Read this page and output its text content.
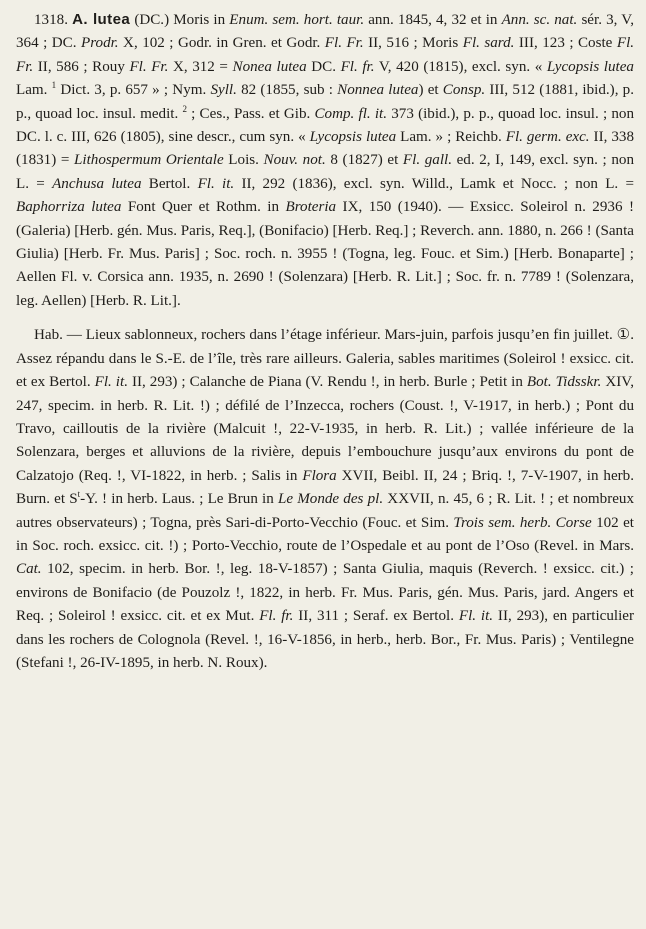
1318. A. lutea (DC.) Moris in Enum. sem. hort. taur. ann. 1845, 4, 32 et in Ann. sc. nat. sér. 3, V, 364 ; DC. Prodr. X, 102 ; Godr. in Gren. et Godr. Fl. Fr. II, 516 ; Moris Fl. sard. III, 123 ; Coste Fl. Fr. II, 586 ; Rouy Fl. Fr. X, 312 = Nonea lutea DC. Fl. fr. V, 420 (1815), excl. syn. « Lycopsis lutea Lam. $^1$ Dict. 3, p. 657 » ; Nym. Syll. 82 (1855, sub : Nonnea lutea) et Consp. III, 512 (1881, ibid.), p. p., quoad loc. insul. medit. $^2$ ; Ces., Pass. et Gib. Comp. fl. it. 373 (ibid.), p. p., quoad loc. insul. ; non DC. l. c. III, 626 (1805), sine descr., cum syn. « Lycopsis lutea Lam. » ; Reichb. Fl. germ. exc. II, 338 (1831) = Lithospermum Orientale Lois. Nouv. not. 8 (1827) et Fl. gall. ed. 2, I, 149, excl. syn. ; non L. = Anchusa lutea Bertol. Fl. it. II, 292 (1836), excl. syn. Willd., Lamk et Nocc. ; non L. = Baphorriza lutea Font Quer et Rothm. in Broteria IX, 150 (1940). — Exsicc. Soleirol n. 2936 ! (Galeria) [Herb. gén. Mus. Paris, Req.], (Bonifacio) [Herb. Req.] ; Reverch. ann. 1880, n. 266 ! (Santa Giulia) [Herb. Fr. Mus. Paris] ; Soc. roch. n. 3955 ! (Togna, leg. Fouc. et Sim.) [Herb. Bonaparte] ; Aellen Fl. v. Corsica ann. 1935, n. 2690 ! (Solenzara) [Herb. R. Lit.] ; Soc. fr. n. 7789 ! (Solenzara, leg. Aellen) [Herb. R. Lit.].

Hab. — Lieux sablonneux, rochers dans l’étage inférieur. Mars-juin, parfois jusqu’en fin juillet. ①. Assez répandu dans le S.-E. de l’île, très rare ailleurs. Galeria, sables maritimes (Soleirol ! exsicc. cit. et ex Bertol. Fl. it. II, 293) ; Calanche de Piana (V. Rendu !, in herb. Burle ; Petit in Bot. Tidsskr. XIV, 247, specim. in herb. R. Lit. !) ; défilé de l’Inzecca, rochers (Coust. !, V-1917, in herb.) ; Pont du Travo, cailloutis de la rivière (Malcuit !, 22-V-1935, in herb. R. Lit.) ; vallée inférieure de la Solenzara, berges et alluvions de la rivière, depuis l’embouchure jusqu’aux environs du pont de Calzatojo (Req. !, VI-1822, in herb. ; Salis in Flora XVII, Beibl. II, 24 ; Briq. !, 7-V-1907, in herb. Burn. et $S^t-Y$. ! in herb. Laus. ; Le Brun in Le Monde des pl. XXVII, n. 45, 6 ; R. Lit. ! ; et nombreux autres observateurs) ; Togna, près Sari-di-Porto-Vecchio (Fouc. et Sim. Trois sem. herb. Corse 102 et in Soc. roch. exsicc. cit. !) ; Porto-Vecchio, route de l’Ospedale et au pont de l’Oso (Revel. in Mars. Cat. 102, specim. in herb. Bor. !, leg. 18-V-1857) ; Santa Giulia, maquis (Reverch. ! exsicc. cit.) ; environs de Bonifacio (de Pouzolz !, 1822, in herb. Fr. Mus. Paris, gén. Mus. Paris, jard. Angers et Req. ; Soleirol ! exsicc. cit. et ex Mut. Fl. fr. II, 311 ; Seraf. ex Bertol. Fl. it. II, 293), en particulier dans les rochers de Colognola (Revel. !, 16-V-1856, in herb., herb. Bor., Fr. Mus. Paris) ; Ventilegne (Stefani !, 26-IV-1895, in herb. N. Roux).
